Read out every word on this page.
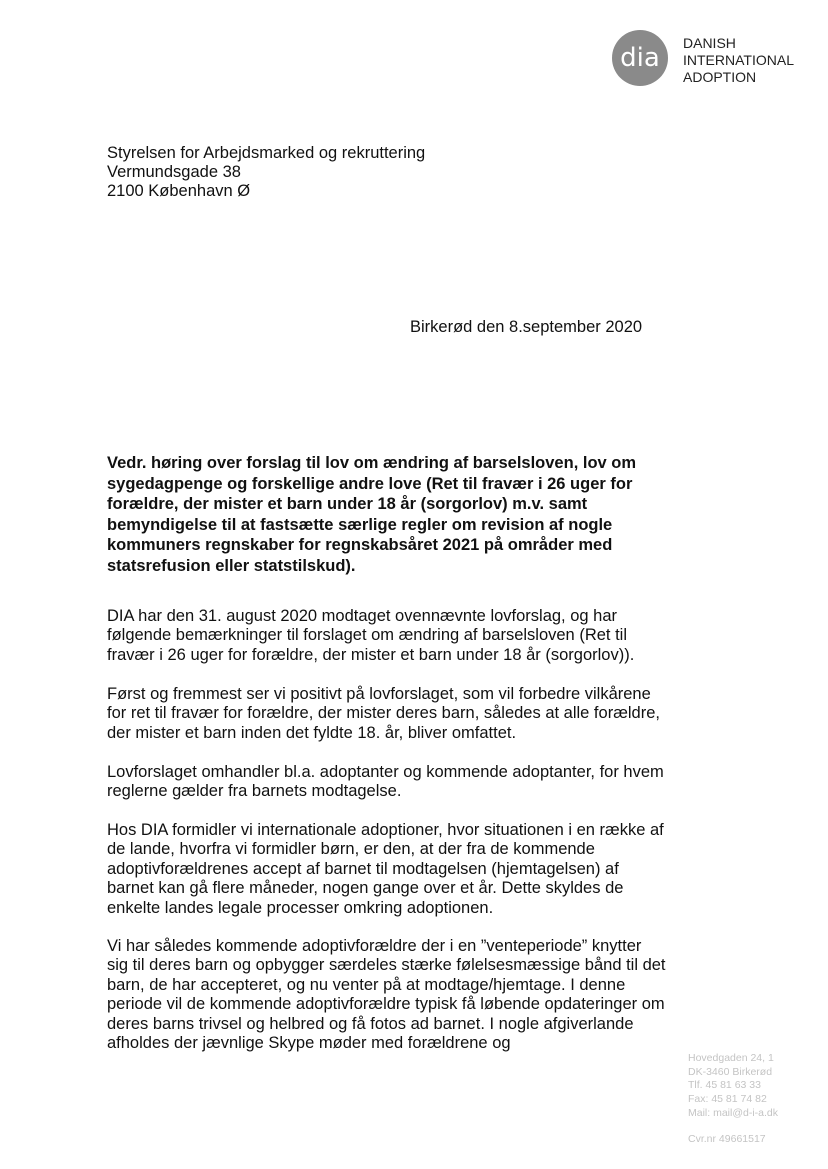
dia DANISH
INTERNATIONAL
ADOPTION
Styrelsen for Arbejdsmarked og rekruttering
Vermundsgade 38
2100 København Ø
Birkerød den 8.september 2020
Vedr. høring over forslag til lov om ændring af barselsloven, lov om sygedagpenge og forskellige andre love (Ret til fravær i 26 uger for forældre, der mister et barn under 18 år (sorgorlov) m.v. samt bemyndigelse til at fastsætte særlige regler om revision af nogle kommuners regnskaber for regnskabsåret 2021 på områder med statsrefusion eller statstilskud).
DIA har den 31. august 2020 modtaget ovennævnte lovforslag, og har følgende bemærkninger til forslaget om ændring af barselsloven (Ret til fravær i 26 uger for forældre, der mister et barn under 18 år (sorgorlov)).
Først og fremmest ser vi positivt på lovforslaget, som vil forbedre vilkårene for ret til fravær for forældre, der mister deres barn, således at alle forældre, der mister et barn inden det fyldte 18. år, bliver omfattet.
Lovforslaget omhandler bl.a. adoptanter og kommende adoptanter, for hvem reglerne gælder fra barnets modtagelse.
Hos DIA formidler vi internationale adoptioner, hvor situationen i en række af de lande, hvorfra vi formidler børn, er den, at der fra de kommende adoptivforældrenes accept af barnet til modtagelsen (hjemtagelsen) af barnet kan gå flere måneder, nogen gange over et år. Dette skyldes de enkelte landes legale processer omkring adoptionen.
Vi har således kommende adoptivforældre der i en ”venteperiode” knytter sig til deres barn og opbygger særdeles stærke følelsesmæssige bånd til det barn, de har accepteret, og nu venter på at modtage/hjemtage. I denne periode vil de kommende adoptivforældre typisk få løbende opdateringer om deres barns trivsel og helbred og få fotos ad barnet. I nogle afgiverlande afholdes der jævnlige Skype møder med forældrene og
Hovedgaden 24, 1
DK-3460 Birkerød
Tlf. 45 81 63 33
Fax: 45 81 74 82
Mail: mail@d-i-a.dk
Cvr.nr 49661517
